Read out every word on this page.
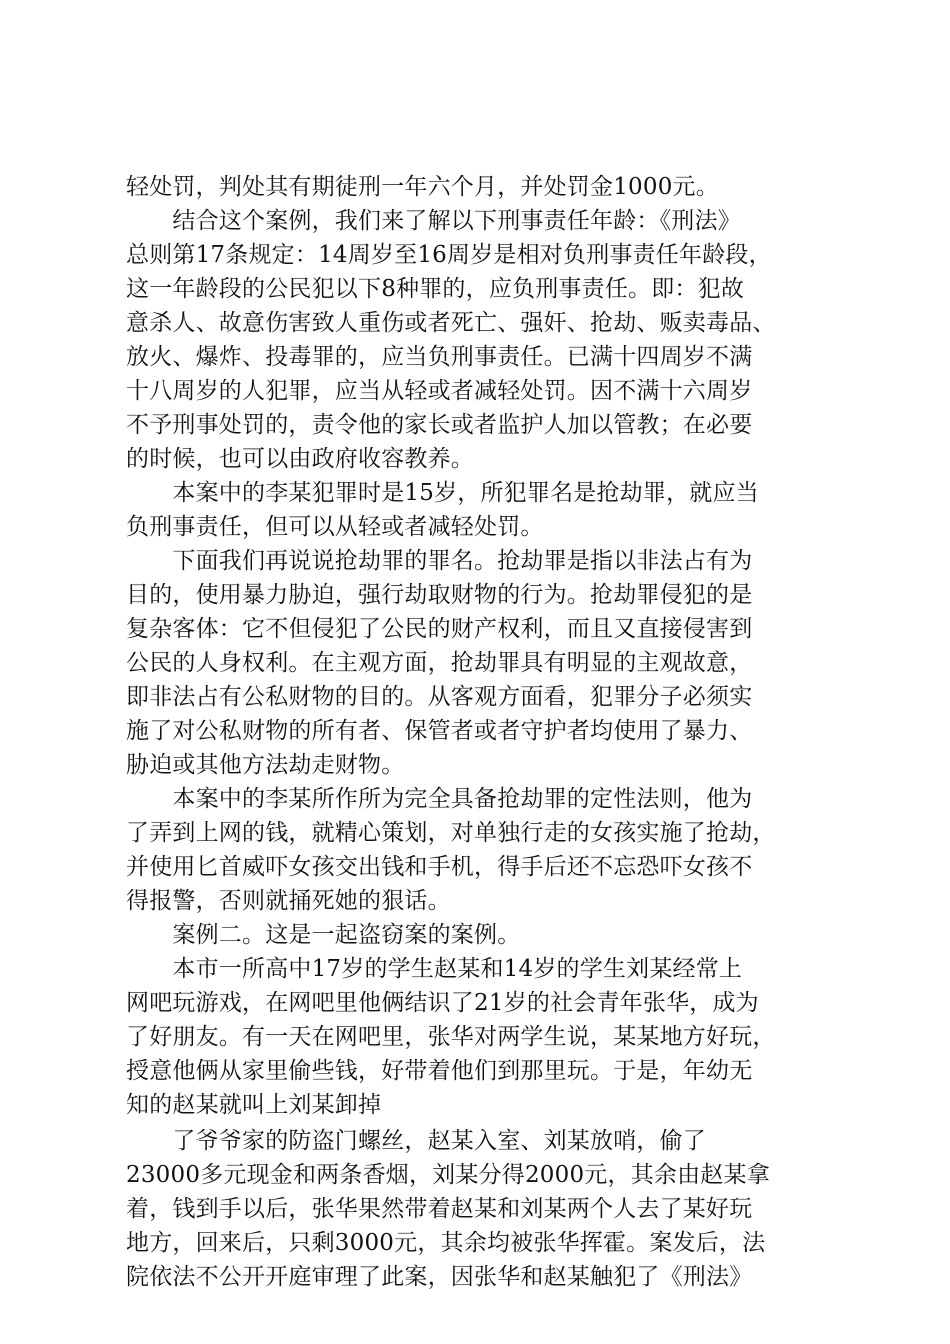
轻处罚，判处其有期徒刑一年六个月，并处罚金1000元。
　　结合这个案例，我们来了解以下刑事责任年龄：《刑法》
总则第17条规定：14周岁至16周岁是相对负刑事责任年龄段，
这一年龄段的公民犯以下8种罪的，应负刑事责任。即：犯故
意杀人、故意伤害致人重伤或者死亡、强奸、抢劫、贩卖毒品、
放火、爆炸、投毒罪的，应当负刑事责任。已满十四周岁不满
十八周岁的人犯罪，应当从轻或者减轻处罚。因不满十六周岁
不予刑事处罚的，责令他的家长或者监护人加以管教；在必要
的时候，也可以由政府收容教养。
　　本案中的李某犯罪时是15岁，所犯罪名是抢劫罪，就应当
负刑事责任，但可以从轻或者减轻处罚。
　　下面我们再说说抢劫罪的罪名。抢劫罪是指以非法占有为
目的，使用暴力胁迫，强行劫取财物的行为。抢劫罪侵犯的是
复杂客体：它不但侵犯了公民的财产权利，而且又直接侵害到
公民的人身权利。在主观方面，抢劫罪具有明显的主观故意，
即非法占有公私财物的目的。从客观方面看，犯罪分子必须实
施了对公私财物的所有者、保管者或者守护者均使用了暴力、
胁迫或其他方法劫走财物。
　　本案中的李某所作所为完全具备抢劫罪的定性法则，他为
了弄到上网的钱，就精心策划，对单独行走的女孩实施了抢劫，
并使用匕首威吓女孩交出钱和手机，得手后还不忘恐吓女孩不
得报警，否则就捅死她的狠话。
　　案例二。这是一起盗窃案的案例。
　　本市一所高中17岁的学生赵某和14岁的学生刘某经常上
网吧玩游戏，在网吧里他俩结识了21岁的社会青年张华，成为
了好朋友。有一天在网吧里，张华对两学生说，某某地方好玩，
授意他俩从家里偷些钱，好带着他们到那里玩。于是，年幼无
知的赵某就叫上刘某卸掉
　　了爷爷家的防盗门螺丝，赵某入室、刘某放哨，偷了
23000多元现金和两条香烟，刘某分得2000元，其余由赵某拿
着，钱到手以后，张华果然带着赵某和刘某两个人去了某好玩
地方，回来后，只剩3000元，其余均被张华挥霍。案发后，法
院依法不公开开庭审理了此案，因张华和赵某触犯了《刑法》
